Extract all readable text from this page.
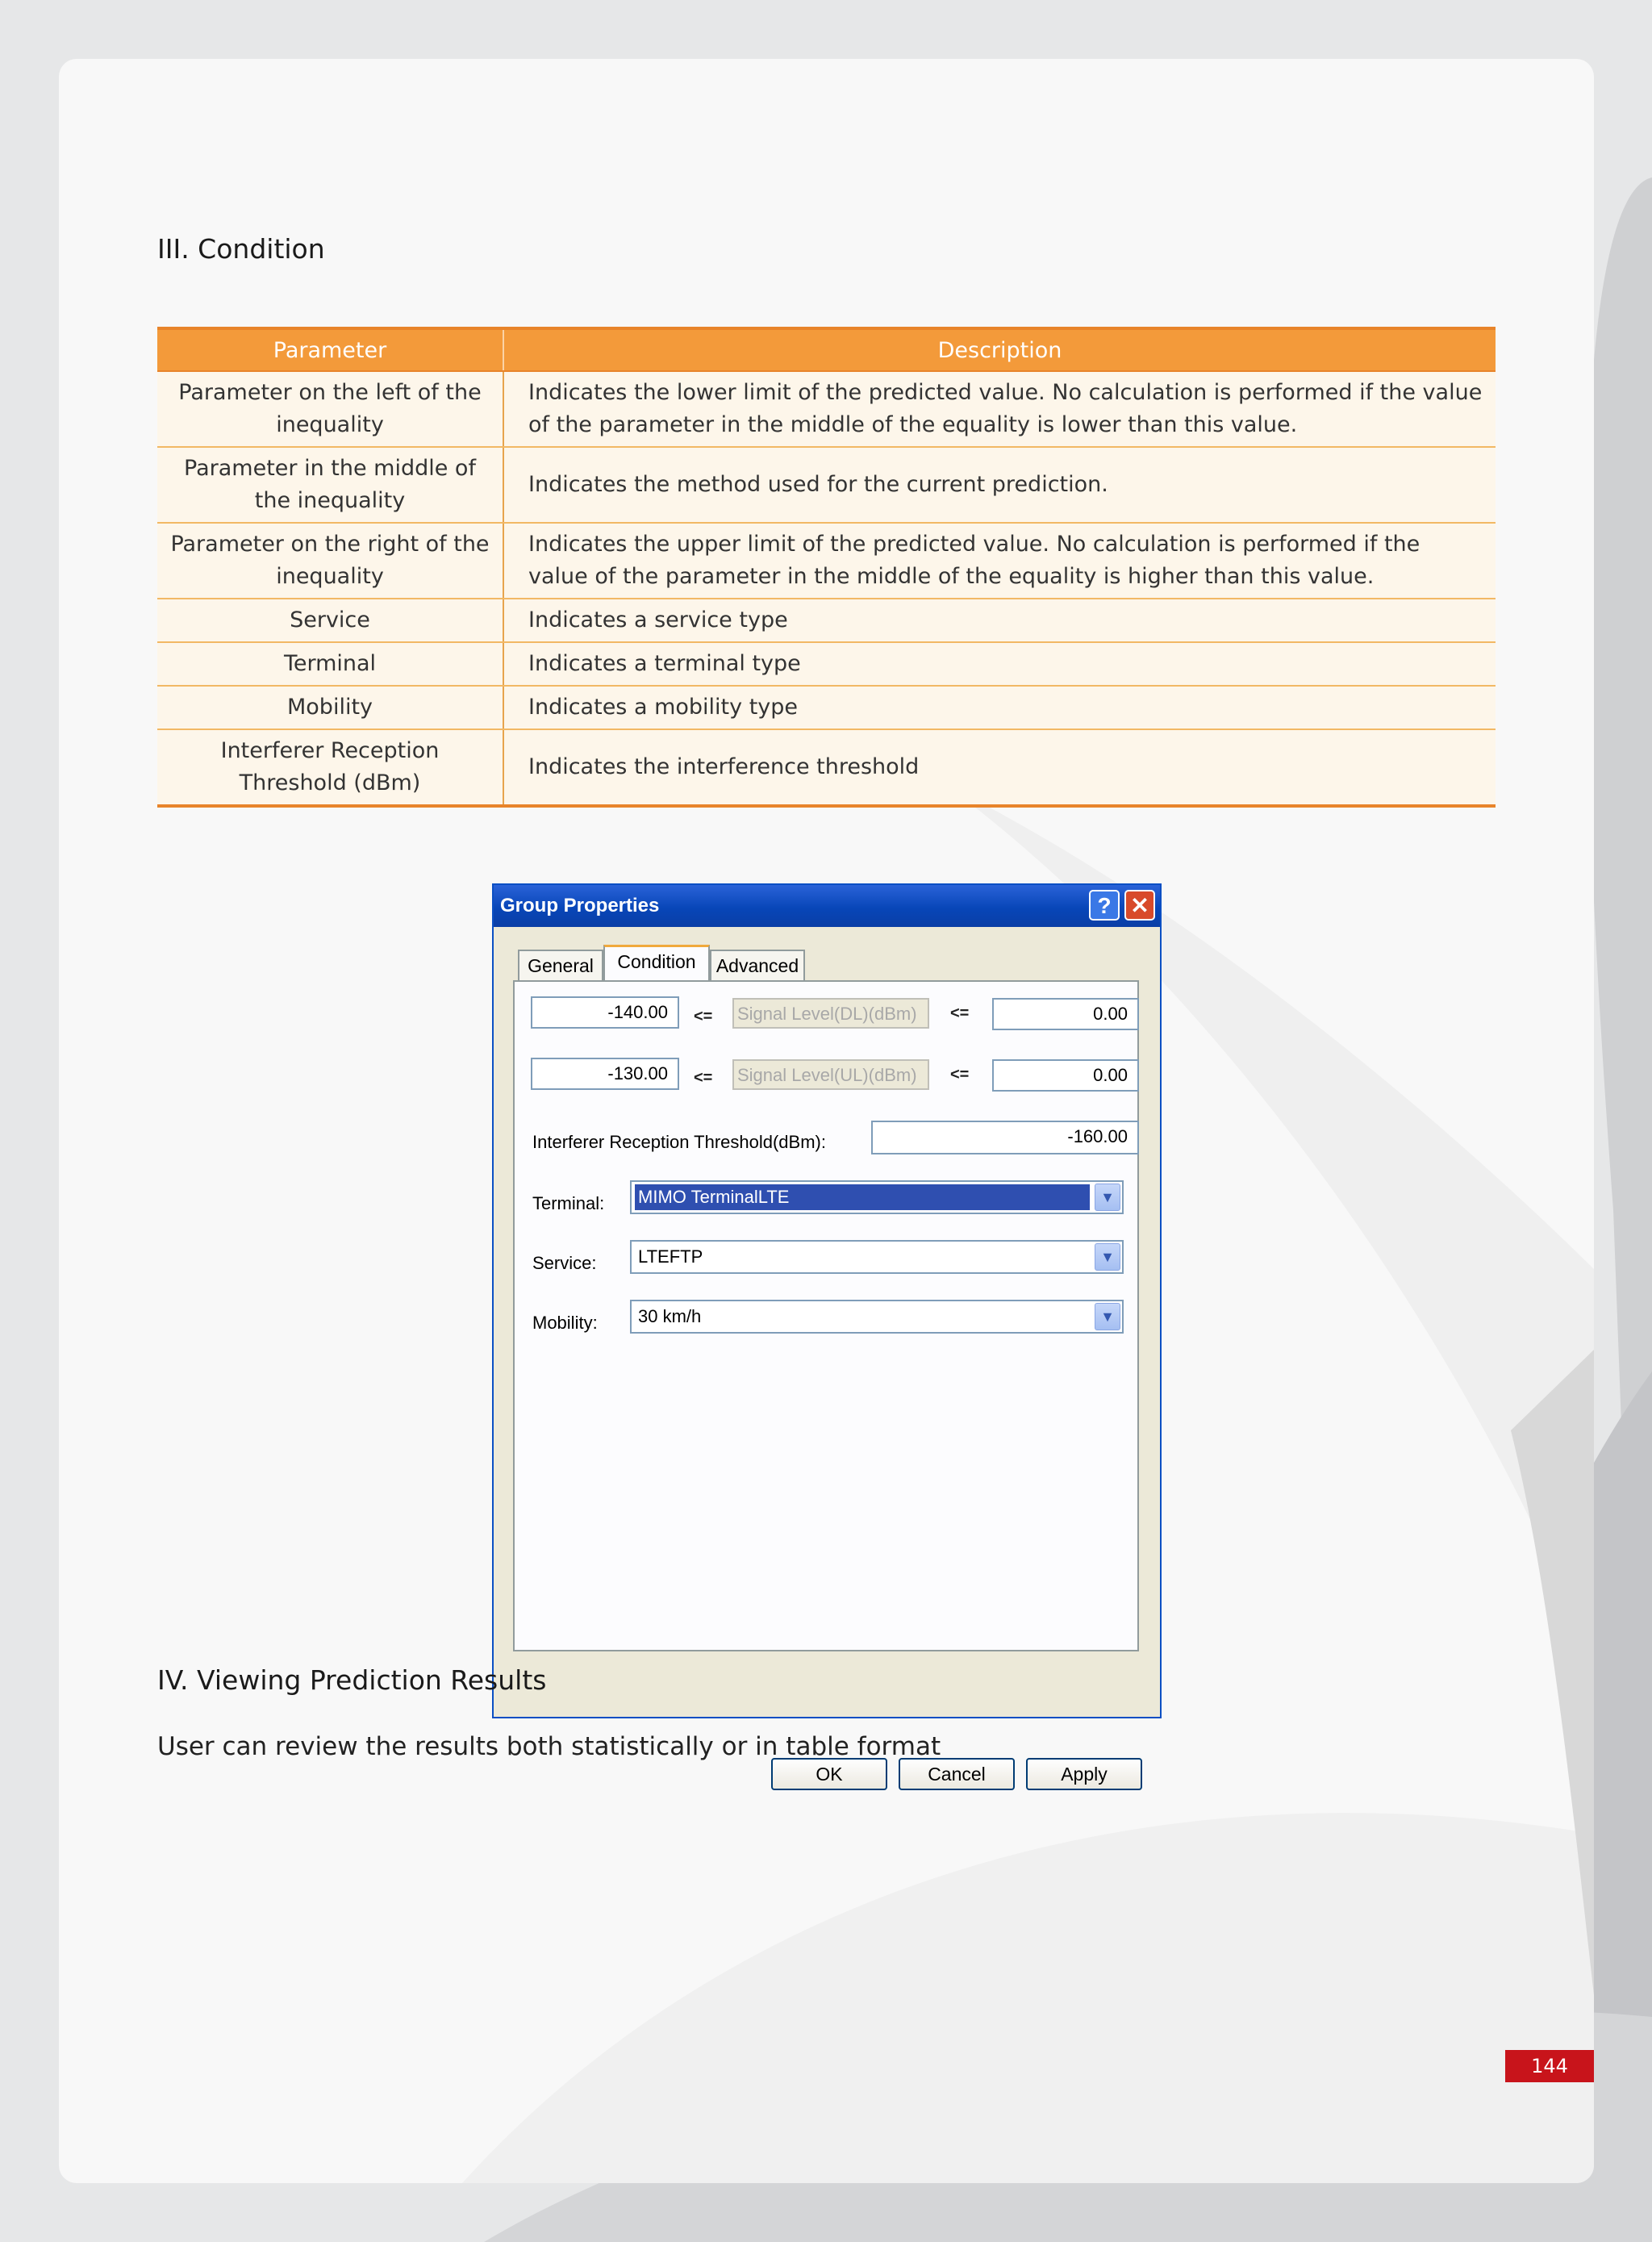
III. Condition
Parameter	Description
Parameter on the left of the inequality	Indicates the lower limit of the predicted value. No calculation is performed if the value of the parameter in the middle of the equality is lower than this value.
Parameter in the middle of the inequality	Indicates the method used for the current prediction.
Parameter on the right of the inequality	Indicates the upper limit of the predicted value. No calculation is performed if the value of the parameter in the middle of the equality is higher than this value.
Service	Indicates a service type
Terminal	Indicates a terminal type
Mobility	Indicates a mobility type
Interferer Reception Threshold (dBm)	Indicates the interference threshold
Group Properties	? ✕
General	Condition	Advanced
-140.00	<= Signal Level(DL)(dBm)	<=	0.00
-130.00	<= Signal Level(UL)(dBm)	<=	0.00
Interferer Reception Threshold(dBm):	-160.00
Terminal: MIMO TerminalLTE	▼
Service: LTEFTP	▼
Mobility: 30 km/h	▼
OK	Cancel	Apply
IV. Viewing Prediction Results
User can review the results both statistically or in table format
144
